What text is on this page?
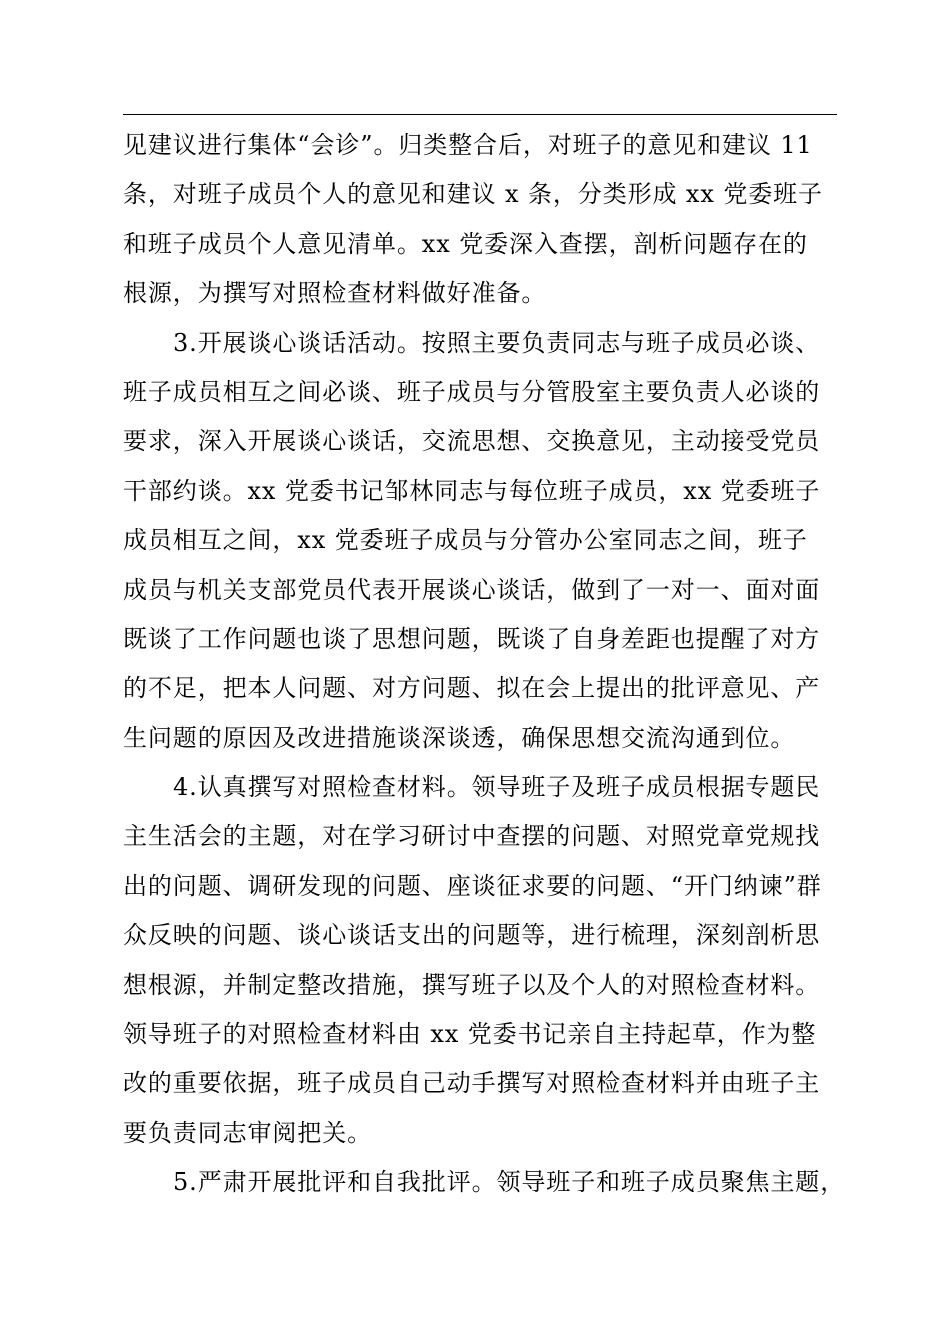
见建议进行集体“会诊”。归类整合后，对班子的意见和建议 11
条，对班子成员个人的意见和建议 x 条，分类形成 xx 党委班子
和班子成员个人意见清单。xx 党委深入查摆，剖析问题存在的
根源，为撰写对照检查材料做好准备。
3.开展谈心谈话活动。按照主要负责同志与班子成员必谈、
班子成员相互之间必谈、班子成员与分管股室主要负责人必谈的
要求，深入开展谈心谈话，交流思想、交换意见，主动接受党员
干部约谈。xx 党委书记邹林同志与每位班子成员，xx 党委班子
成员相互之间，xx 党委班子成员与分管办公室同志之间，班子
成员与机关支部党员代表开展谈心谈话，做到了一对一、面对面
既谈了工作问题也谈了思想问题，既谈了自身差距也提醒了对方
的不足，把本人问题、对方问题、拟在会上提出的批评意见、产
生问题的原因及改进措施谈深谈透，确保思想交流沟通到位。
4.认真撰写对照检查材料。领导班子及班子成员根据专题民
主生活会的主题，对在学习研讨中查摆的问题、对照党章党规找
出的问题、调研发现的问题、座谈征求要的问题、“开门纳谏”群
众反映的问题、谈心谈话支出的问题等，进行梳理，深刻剖析思
想根源，并制定整改措施，撰写班子以及个人的对照检查材料。
领导班子的对照检查材料由 xx 党委书记亲自主持起草，作为整
改的重要依据，班子成员自己动手撰写对照检查材料并由班子主
要负责同志审阅把关。
5.严肃开展批评和自我批评。领导班子和班子成员聚焦主题，
